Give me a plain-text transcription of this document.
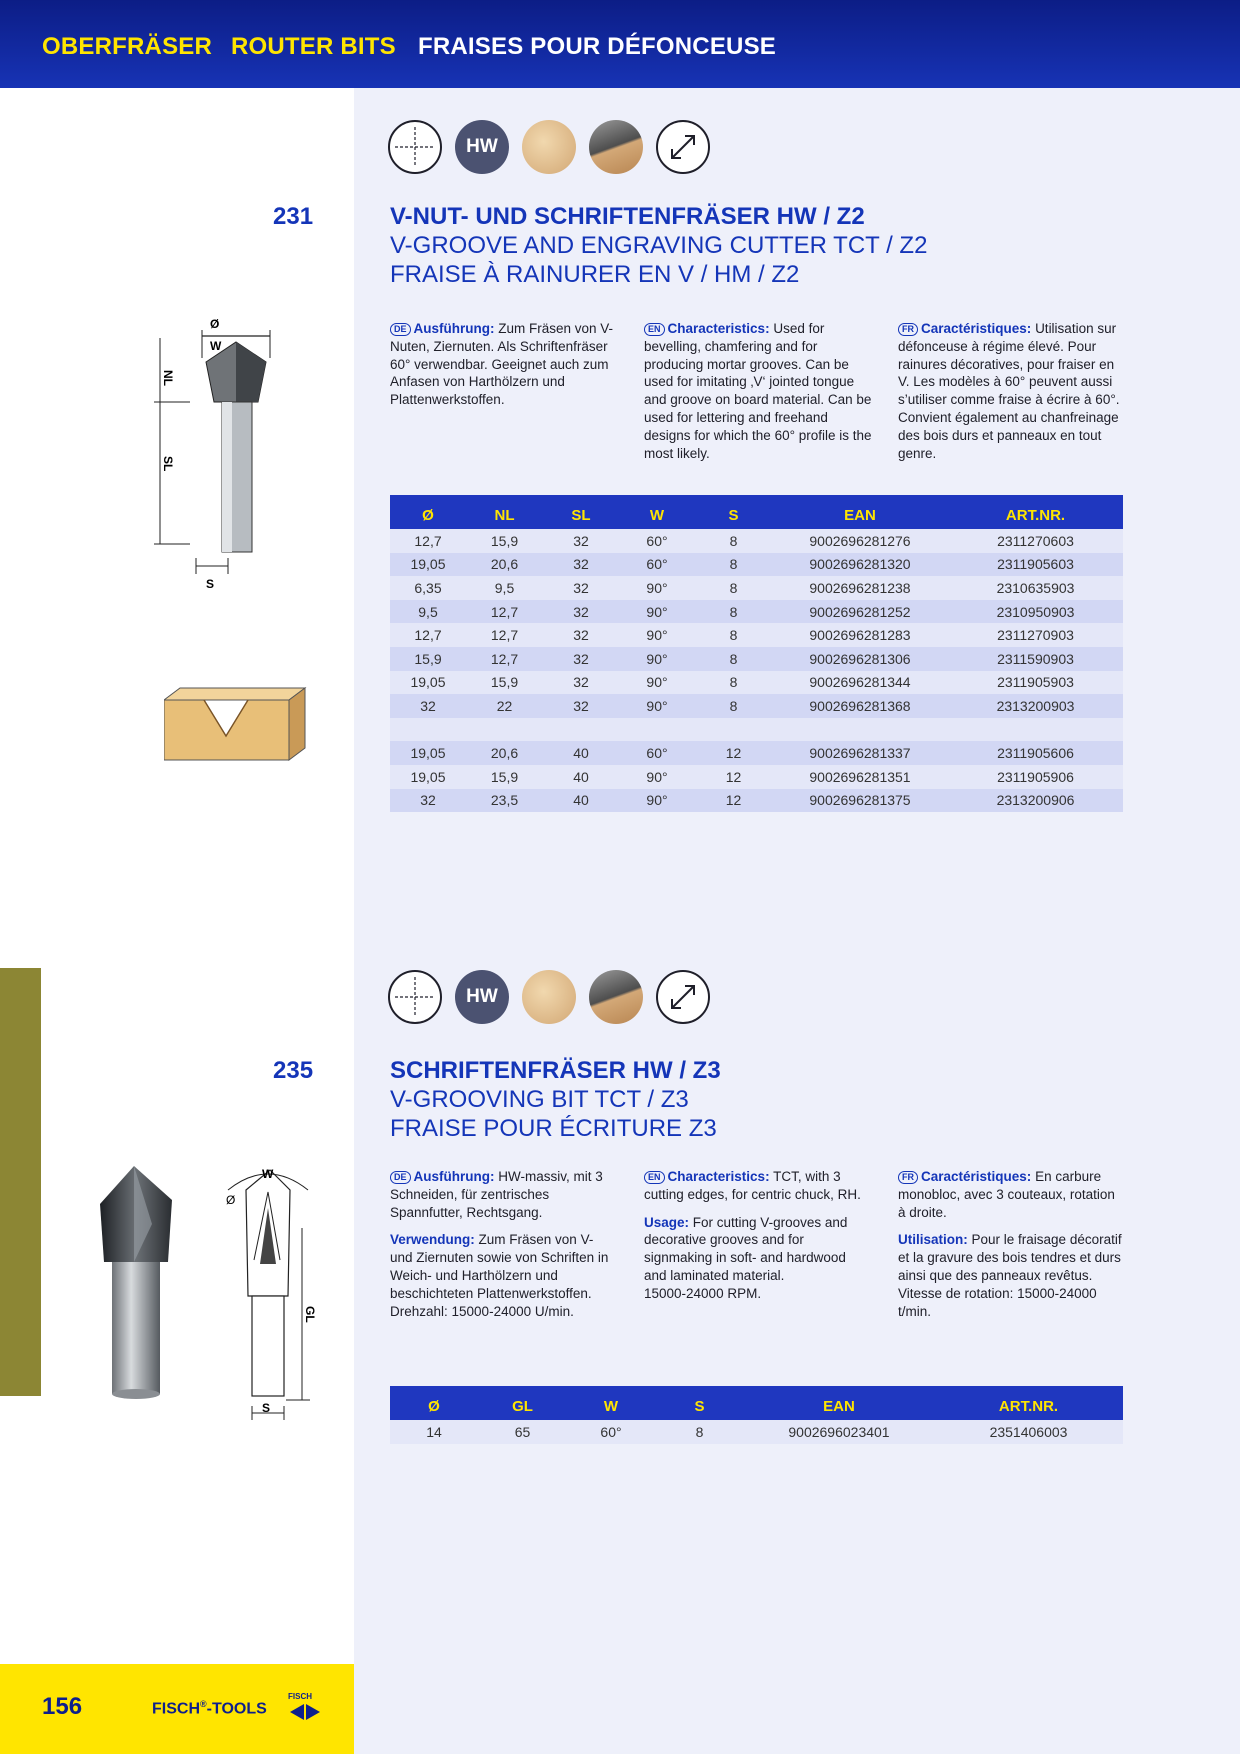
OBERFRÄSER ROUTER BITS FRAISES POUR DÉFONCEUSE
HW
231	V-NUT- UND SCHRIFTENFRÄSER HW / Z2
V-GROOVE AND ENGRAVING CUTTER TCT / Z2
FRAISE À RAINURER EN V / HM / Z2
Ø
W
NL
SL
S
DE Ausführung: Zum Fräsen von V-Nuten, Ziernuten. Als Schriftenfräser 60° verwendbar. Geeignet auch zum Anfasen von Harthölzern und Plattenwerkstoffen.
EN Characteristics: Used for bevelling, chamfering and for producing mortar grooves. Can be used for imitating ‚V‘ jointed tongue and groove on board material. Can be used for lettering and freehand designs for which the 60° profile is the most likely.
FR Caractéristiques: Utilisation sur défonceuse à régime élevé. Pour rainures décoratives, pour fraiser en V. Les modèles à 60° peuvent aussi s’utiliser comme fraise à écrire à 60°. Convient également au chanfreinage des bois durs et panneaux en tout genre.
Ø	NL	SL	W	S	EAN	ART.NR.
12,7	15,9	32	60°	8	9002696281276	2311270603
19,05	20,6	32	60°	8	9002696281320	2311905603
6,35	9,5	32	90°	8	9002696281238	2310635903
9,5	12,7	32	90°	8	9002696281252	2310950903
12,7	12,7	32	90°	8	9002696281283	2311270903
15,9	12,7	32	90°	8	9002696281306	2311590903
19,05	15,9	32	90°	8	9002696281344	2311905903
32	22	32	90°	8	9002696281368	2313200903

19,05	20,6	40	60°	12	9002696281337	2311905606
19,05	15,9	40	90°	12	9002696281351	2311905906
32	23,5	40	90°	12	9002696281375	2313200906
HW
235	SCHRIFTENFRÄSER HW / Z3
V-GROOVING BIT TCT / Z3
FRAISE POUR ÉCRITURE Z3
Ø
W
GL
S
DE Ausführung: HW-massiv, mit 3 Schneiden, für zentrisches Spannfutter, Rechtsgang.
Verwendung: Zum Fräsen von V- und Ziernuten sowie von Schriften in Weich- und Harthölzern und beschichteten Plattenwerkstoffen.
Drehzahl: 15000-24000 U/min.
EN Characteristics: TCT, with 3 cutting edges, for centric chuck, RH.
Usage: For cutting V-grooves and decorative grooves and for signmaking in soft- and hardwood and laminated material.
15000-24000 RPM.
FR Caractéristiques: En carbure monobloc, avec 3 couteaux, rotation à droite.
Utilisation: Pour le fraisage décoratif et la gravure des bois tendres et durs ainsi que des panneaux revêtus.
Vitesse de rotation: 15000-24000 t/min.
Ø	GL	W	S	EAN	ART.NR.
14	65	60°	8	9002696023401	2351406003
156	FISCH®-TOOLS
FISCH
